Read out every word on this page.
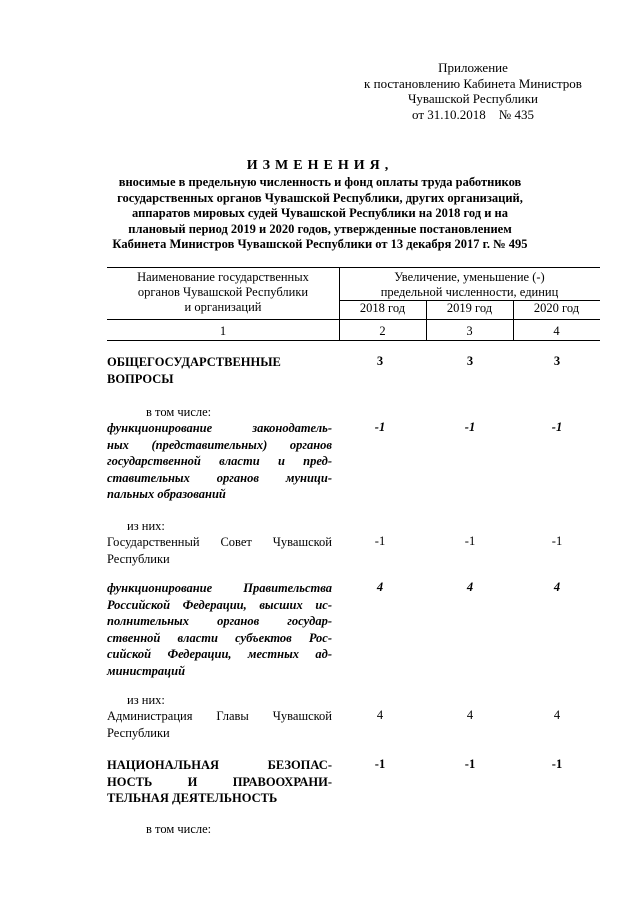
Приложение
к постановлению Кабинета Министров
Чувашской Республики
от 31.10.2018    № 435
ИЗМЕНЕНИЯ,
вносимые в предельную численность и фонд оплаты труда работников
государственных органов Чувашской Республики, других организаций,
аппаратов мировых судей Чувашской Республики на 2018 год и на
плановый период 2019 и 2020 годов, утвержденные постановлением
Кабинета Министров Чувашской Республики от 13 декабря 2017 г. № 495
Наименование государственных
органов Чувашской Республики
и организаций
Увеличение, уменьшение (-)
предельной численности, единиц
2018 год	2019 год	2020 год
1	2	3	4
ОБЩЕГОСУДАРСТВЕННЫЕ
ВОПРОСЫ
3	3	3
в том числе:
функционирование законодатель-
ных (представительных) органов
государственной власти и пред-
ставительных органов муници-
пальных образований
-1	-1	-1
из них:
Государственный Совет Чувашской
Республики
-1	-1	-1
функционирование Правительства
Российской Федерации, высших ис-
полнительных органов государ-
ственной власти субъектов Рос-
сийской Федерации, местных ад-
министраций
4	4	4
из них:
Администрация Главы Чувашской
Республики
4	4	4
НАЦИОНАЛЬНАЯ БЕЗОПАС-
НОСТЬ И ПРАВООХРАНИ-
ТЕЛЬНАЯ ДЕЯТЕЛЬНОСТЬ
-1	-1	-1
в том числе:
